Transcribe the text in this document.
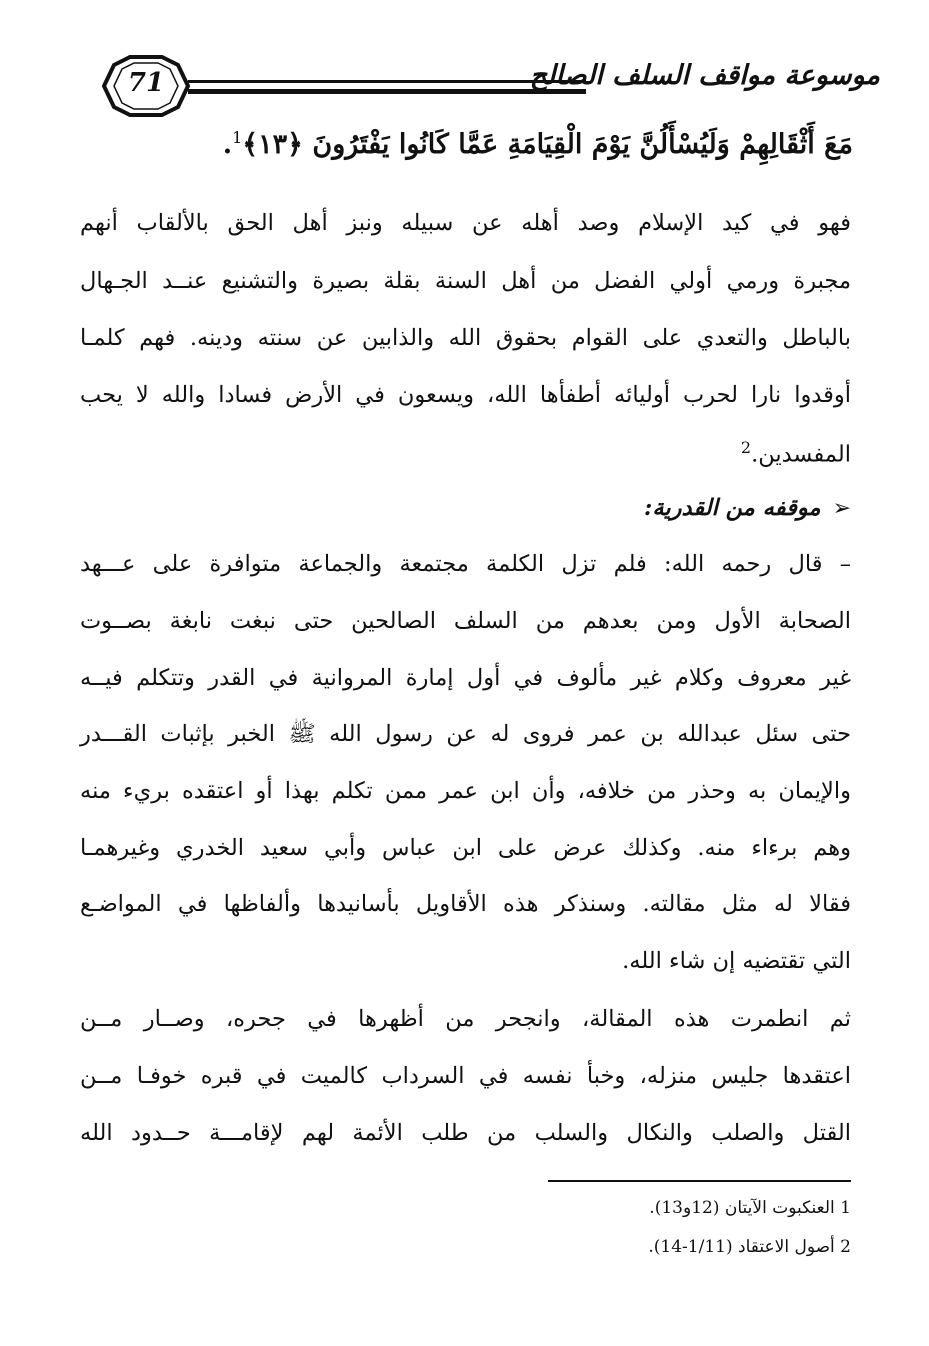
71	موسوعة مواقف السلف الصالح
مَعَ أَثْقَالِهِمْ وَلَيُسْأَلُنَّ يَوْمَ الْقِيَامَةِ عَمَّا كَانُوا يَفْتَرُونَ ﴿١٣﴾$^1$.
فهو في كيد الإسلام وصد أهله عن سبيله ونبز أهل الحق بالألقاب أنهم
مجبرة ورمي أولي الفضل من أهل السنة بقلة بصيرة والتشنيع عنــد الجـهال
بالباطل والتعدي على القوام بحقوق الله والذابين عن سنته ودينه. فهم كلمـا
أوقدوا نارا لحرب أوليائه أطفأها الله، ويسعون في الأرض فسادا والله لا يحب
المفسدين.$^2$
➢موقفه من القدرية:
– قال رحمه الله: فلم تزل الكلمة مجتمعة والجماعة متوافرة على عـــهد
الصحابة الأول ومن بعدهم من السلف الصالحين حتى نبغت نابغة بصــوت
غير معروف وكلام غير مألوف في أول إمارة المروانية في القدر وتتكلم فيــه
حتى سئل عبدالله بن عمر فروى له عن رسول الله ﷺ الخبر بإثبات القـــدر
والإيمان به وحذر من خلافه، وأن ابن عمر ممن تكلم بهذا أو اعتقده بريء منه
وهم برءاء منه. وكذلك عرض على ابن عباس وأبي سعيد الخدري وغيرهمـا
فقالا له مثل مقالته. وسنذكر هذه الأقاويل بأسانيدها وألفاظها في المواضـع
التي تقتضيه إن شاء الله.
ثم انطمرت هذه المقالة، وانجحر من أظهرها في جحره، وصــار مــن
اعتقدها جليس منزله، وخبأ نفسه في السرداب كالميت في قبره خوفـا مــن
القتل والصلب والنكال والسلب من طلب الأئمة لهم لإقامـــة حــدود الله
1 العنكبوت الآيتان (12و13).
2 أصول الاعتقاد (1/11-14).
